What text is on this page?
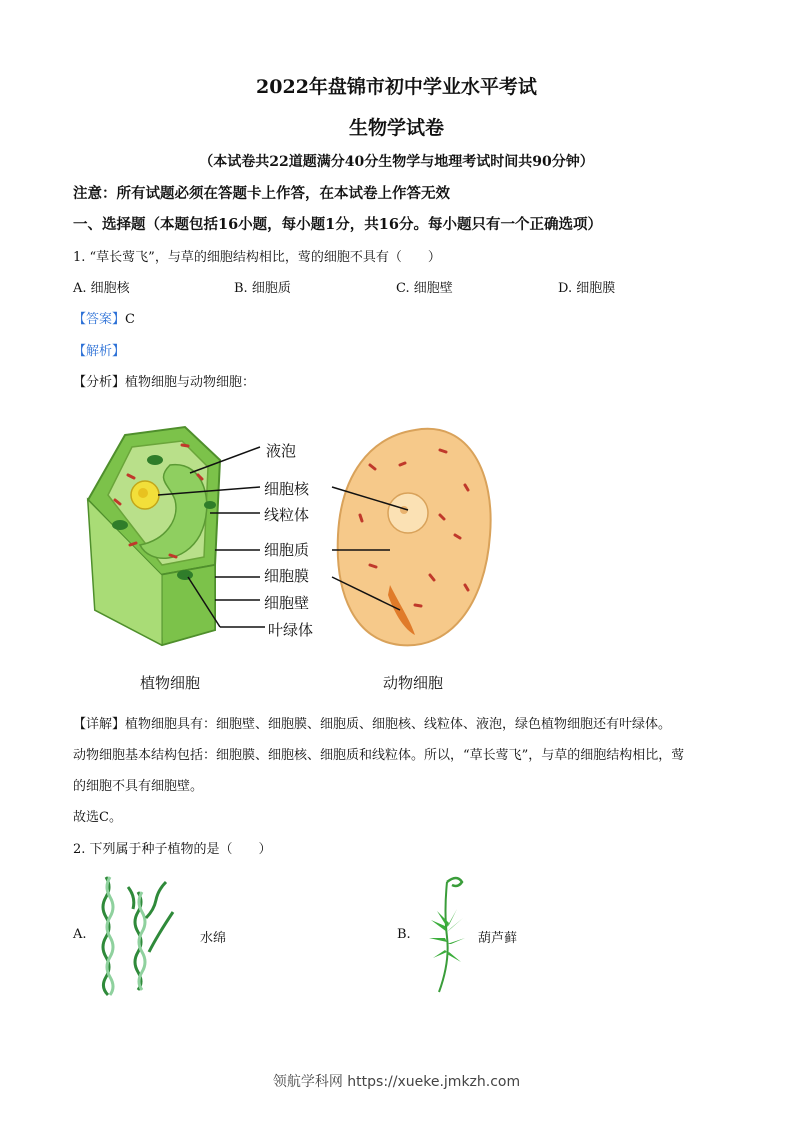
2022年盘锦市初中学业水平考试
生物学试卷
（本试卷共22道题满分40分生物学与地理考试时间共90分钟）
注意：所有试题必须在答题卡上作答，在本试卷上作答无效
一、选择题（本题包括16小题，每小题1分，共16分。每小题只有一个正确选项）
1. “草长莺飞”，与草的细胞结构相比，莺的细胞不具有（　　）
A. 细胞核	B. 细胞质	C. 细胞壁	D. 细胞膜
【答案】C
【解析】
【分析】植物细胞与动物细胞：
液泡
细胞核
线粒体
细胞质
细胞膜
细胞壁
叶绿体
植物细胞	动物细胞
【详解】植物细胞具有：细胞壁、细胞膜、细胞质、细胞核、线粒体、液泡，绿色植物细胞还有叶绿体。
动物细胞基本结构包括：细胞膜、细胞核、细胞质和线粒体。所以，“草长莺飞”，与草的细胞结构相比，莺
的细胞不具有细胞壁。
故选C。
2. 下列属于种子植物的是（　　）
A.	水绵	B.	葫芦藓
领航学科网 https://xueke.jmkzh.com
